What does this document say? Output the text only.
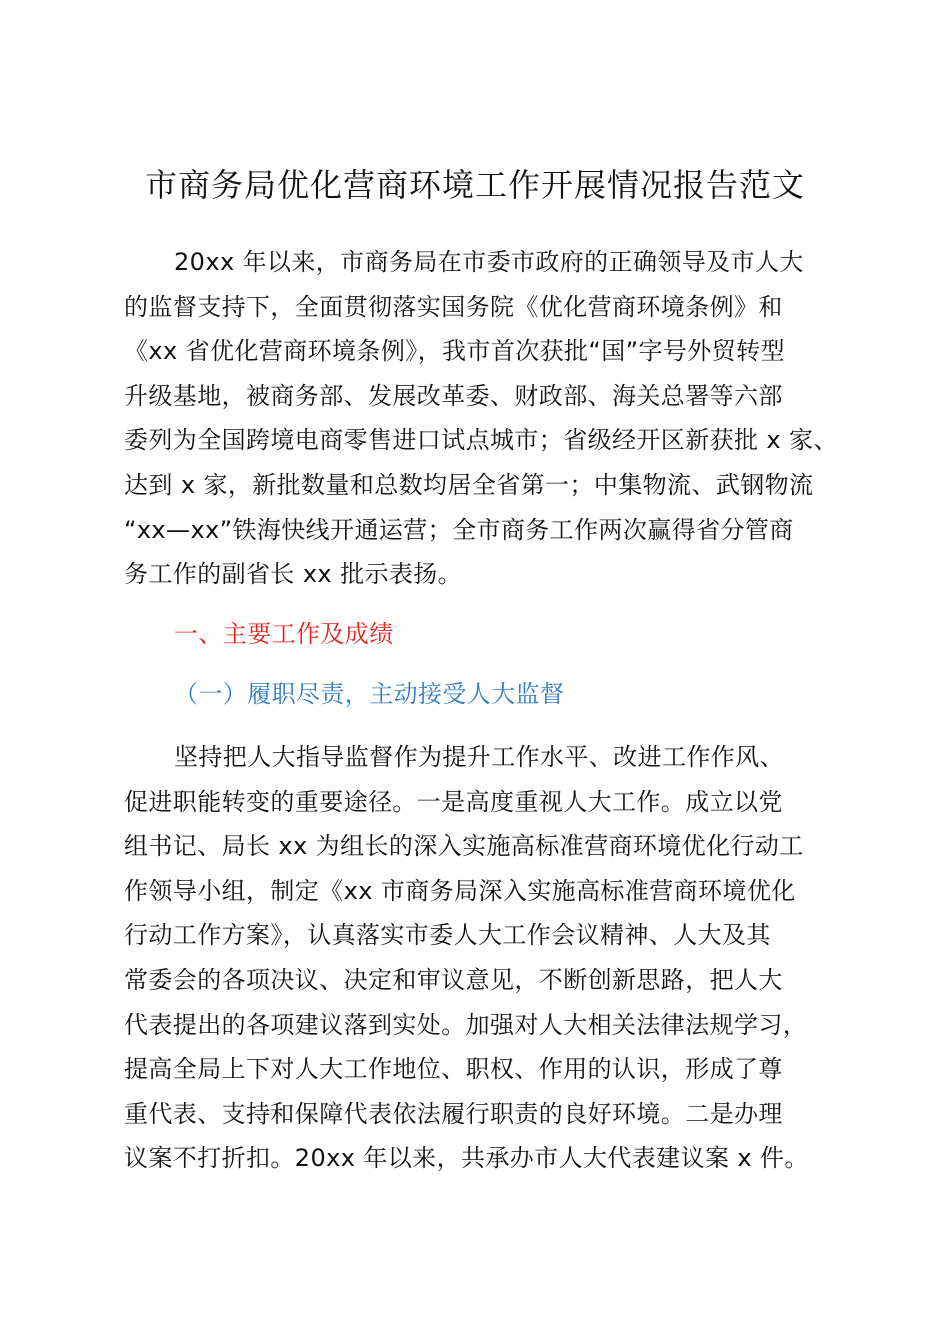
市商务局优化营商环境工作开展情况报告范文

20xx 年以来，市商务局在市委市政府的正确领导及市人大
的监督支持下，全面贯彻落实国务院《优化营商环境条例》和
《xx 省优化营商环境条例》，我市首次获批“国”字号外贸转型
升级基地，被商务部、发展改革委、财政部、海关总署等六部
委列为全国跨境电商零售进口试点城市；省级经开区新获批 x 家、
达到 x 家，新批数量和总数均居全省第一；中集物流、武钢物流
“xx—xx”铁海快线开通运营；全市商务工作两次赢得省分管商
务工作的副省长 xx 批示表扬。

一、主要工作及成绩
（一）履职尽责，主动接受人大监督

坚持把人大指导监督作为提升工作水平、改进工作作风、
促进职能转变的重要途径。一是高度重视人大工作。成立以党
组书记、局长 xx 为组长的深入实施高标准营商环境优化行动工
作领导小组，制定《xx 市商务局深入实施高标准营商环境优化
行动工作方案》，认真落实市委人大工作会议精神、人大及其
常委会的各项决议、决定和审议意见，不断创新思路，把人大
代表提出的各项建议落到实处。加强对人大相关法律法规学习，
提高全局上下对人大工作地位、职权、作用的认识，形成了尊
重代表、支持和保障代表依法履行职责的良好环境。二是办理
议案不打折扣。20xx 年以来，共承办市人大代表建议案 x 件。
